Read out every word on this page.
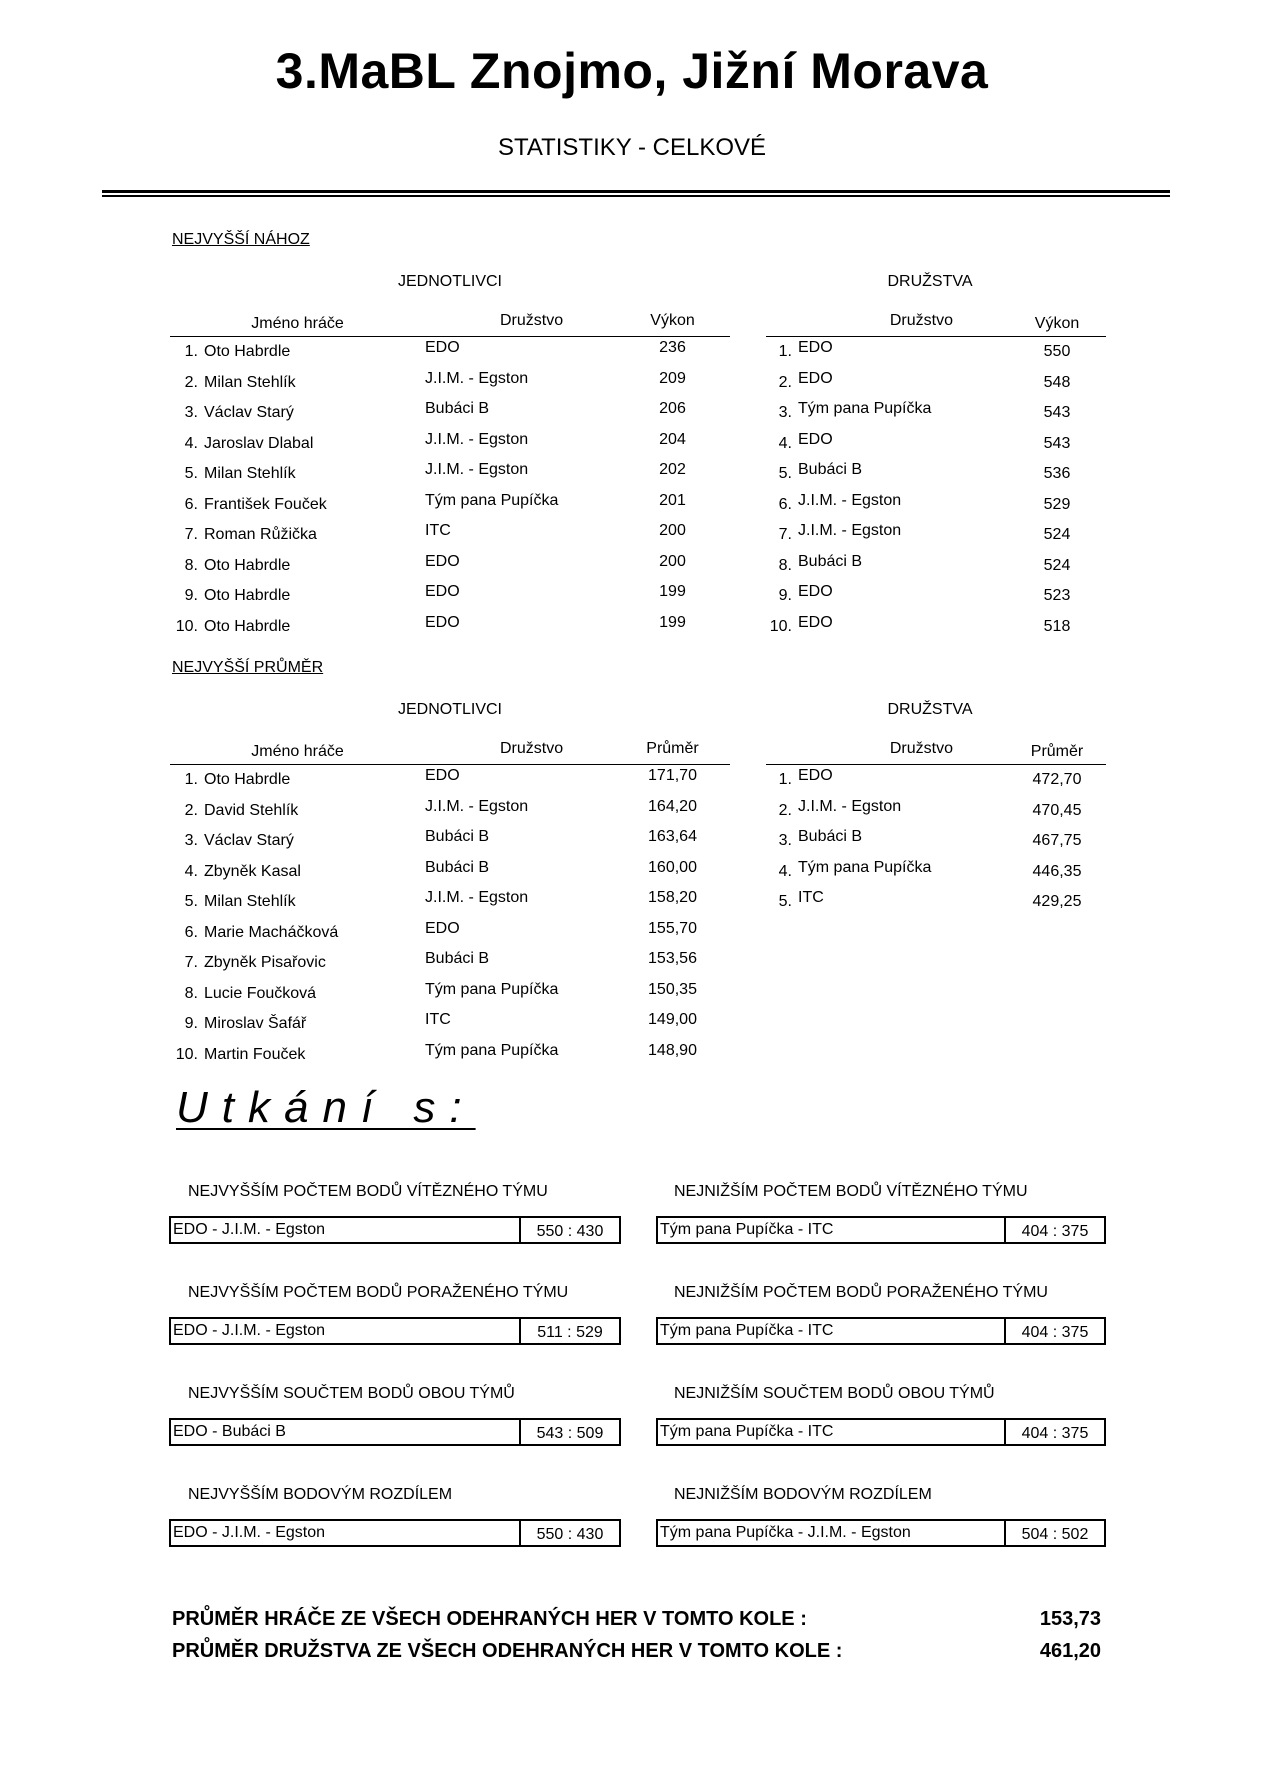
3.MaBL Znojmo, Jižní Morava
STATISTIKY - CELKOVÉ
NEJVYŠŠÍ NÁHOZ
JEDNOTLIVCI	DRUŽSTVA
Jméno hráče		Družstvo	Výkon
1.	Oto Habrdle	EDO	236
2.	Milan Stehlík	J.I.M. - Egston	209
3.	Václav Starý	Bubáci B	206
4.	Jaroslav Dlabal	J.I.M. - Egston	204
5.	Milan Stehlík	J.I.M. - Egston	202
6.	František Fouček	Tým pana Pupíčka	201
7.	Roman Růžička	ITC	200
8.	Oto Habrdle	EDO	200
9.	Oto Habrdle	EDO	199
10.	Oto Habrdle	EDO	199
Družstvo		Výkon
1.	EDO	550
2.	EDO	548
3.	Tým pana Pupíčka	543
4.	EDO	543
5.	Bubáci B	536
6.	J.I.M. - Egston	529
7.	J.I.M. - Egston	524
8.	Bubáci B	524
9.	EDO	523
10.	EDO	518
NEJVYŠŠÍ PRŮMĚR
JEDNOTLIVCI	DRUŽSTVA
Jméno hráče		Družstvo	Průměr
1.	Oto Habrdle	EDO	171,70
2.	David Stehlík	J.I.M. - Egston	164,20
3.	Václav Starý	Bubáci B	163,64
4.	Zbyněk Kasal	Bubáci B	160,00
5.	Milan Stehlík	J.I.M. - Egston	158,20
6.	Marie Macháčková	EDO	155,70
7.	Zbyněk Pisařovic	Bubáci B	153,56
8.	Lucie Foučková	Tým pana Pupíčka	150,35
9.	Miroslav Šafář	ITC	149,00
10.	Martin Fouček	Tým pana Pupíčka	148,90
Družstvo		Průměr
1.	EDO	472,70
2.	J.I.M. - Egston	470,45
3.	Bubáci B	467,75
4.	Tým pana Pupíčka	446,35
5.	ITC	429,25
Utkání s:
NEJVYŠŠÍM POČTEM BODŮ VÍTĚZNÉHO TÝMU
EDO - J.I.M. - Egston	550 : 430
NEJNIŽŠÍM POČTEM BODŮ VÍTĚZNÉHO TÝMU
Tým pana Pupíčka - ITC	404 : 375
NEJVYŠŠÍM POČTEM BODŮ PORAŽENÉHO TÝMU
EDO - J.I.M. - Egston	511 : 529
NEJNIŽŠÍM POČTEM BODŮ PORAŽENÉHO TÝMU
Tým pana Pupíčka - ITC	404 : 375
NEJVYŠŠÍM SOUČTEM BODŮ OBOU TÝMŮ
EDO - Bubáci B	543 : 509
NEJNIŽŠÍM SOUČTEM BODŮ OBOU TÝMŮ
Tým pana Pupíčka - ITC	404 : 375
NEJVYŠŠÍM BODOVÝM ROZDÍLEM
EDO - J.I.M. - Egston	550 : 430
NEJNIŽŠÍM BODOVÝM ROZDÍLEM
Tým pana Pupíčka - J.I.M. - Egston	504 : 502
PRŮMĚR HRÁČE ZE VŠECH ODEHRANÝCH HER V TOMTO KOLE :	153,73
PRŮMĚR DRUŽSTVA ZE VŠECH ODEHRANÝCH HER V TOMTO KOLE :	461,20
